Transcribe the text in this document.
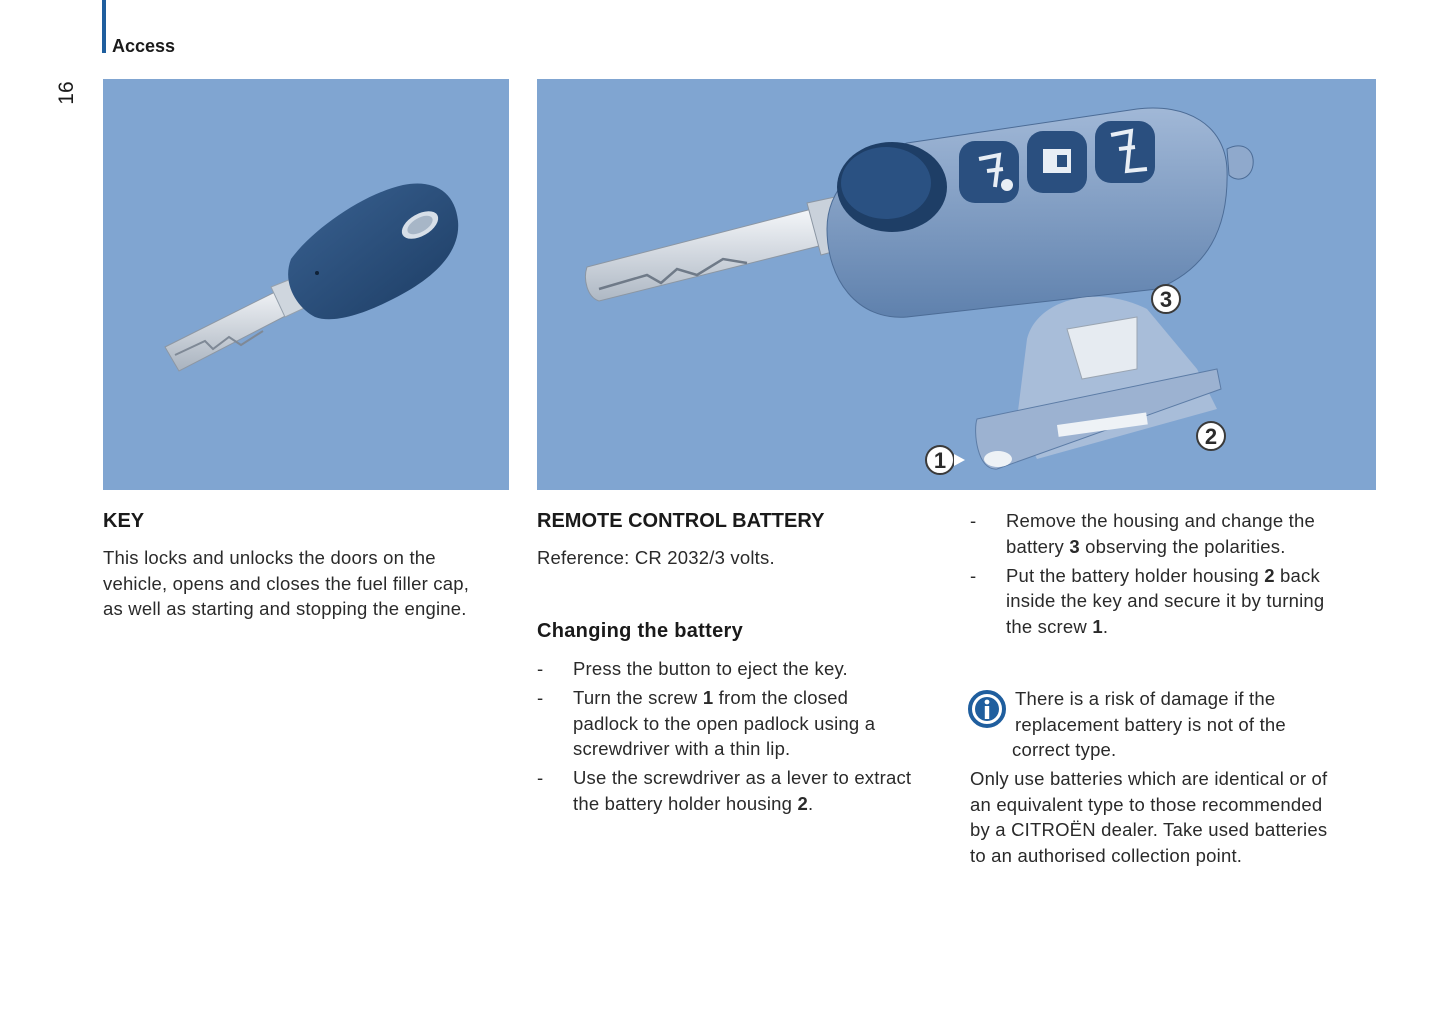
Access
16
1
2
3
KEY

This locks and unlocks the doors on the
vehicle, opens and closes the fuel filler cap,
as well as starting and stopping the engine.

REMOTE CONTROL BATTERY

Reference: CR 2032/3 volts.

Changing the battery
- Press the button to eject the key.
- Turn the screw 1 from the closed
padlock to the open padlock using a
screwdriver with a thin lip.
- Use the screwdriver as a lever to extract
the battery holder housing 2.
- Remove the housing and change the
battery 3 observing the polarities.
- Put the battery holder housing 2 back
inside the key and secure it by turning
the screw 1.

There is a risk of damage if the
replacement battery is not of the
correct type.

Only use batteries which are identical or of
an equivalent type to those recommended
by a CITROËN dealer. Take used batteries
to an authorised collection point.
